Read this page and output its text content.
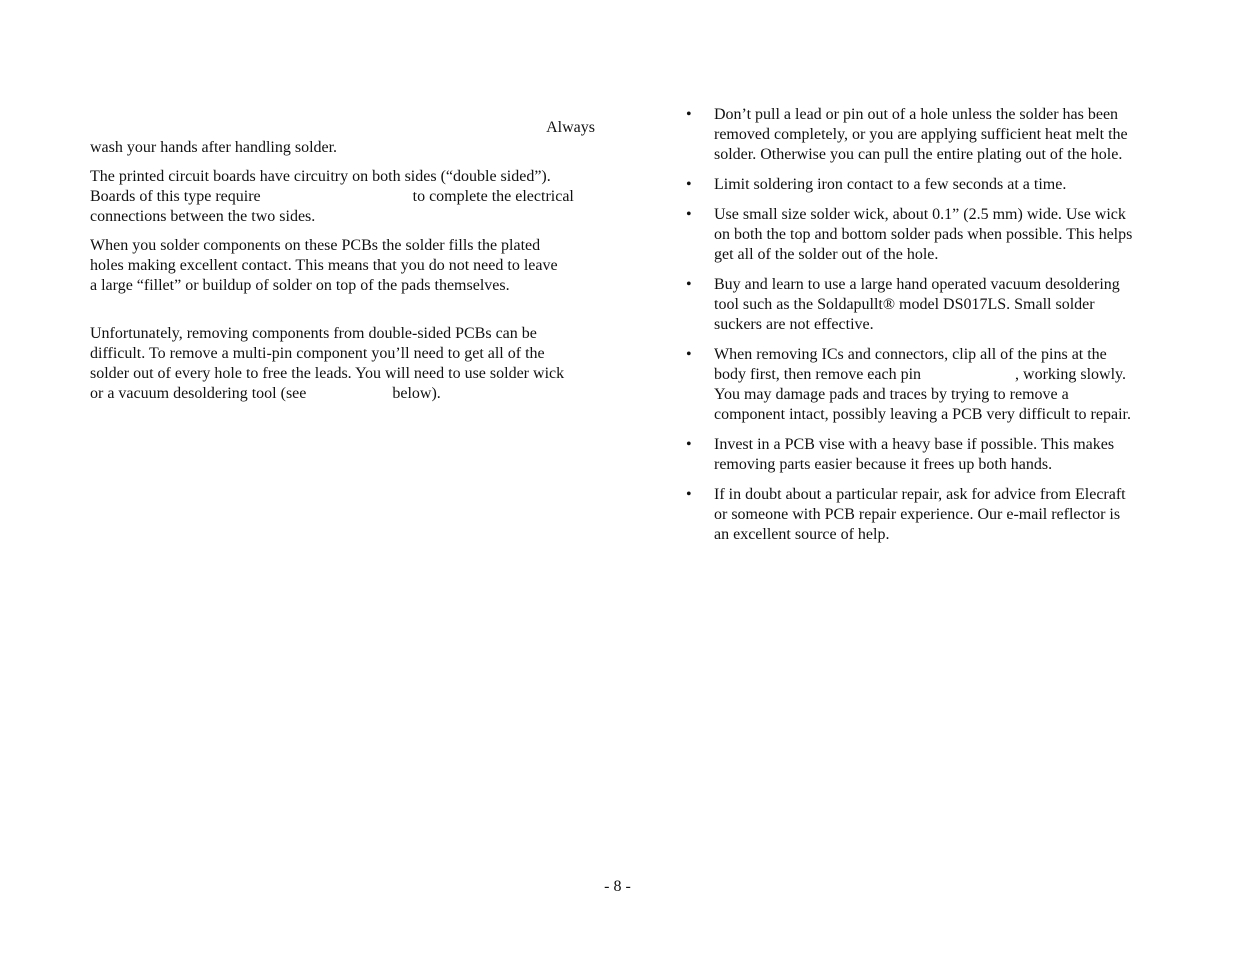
Always
wash your hands after handling solder.

The printed circuit boards have circuitry on both sides (“double sided”).
Boards of this type require	to complete the electrical
connections between the two sides.

When you solder components on these PCBs the solder fills the plated
holes making excellent contact. This means that you do not need to leave
a large “fillet” or buildup of solder on top of the pads themselves.

Unfortunately, removing components from double-sided PCBs can be
difficult. To remove a multi-pin component you’ll need to get all of the
solder out of every hole to free the leads. You will need to use solder wick
or a vacuum desoldering tool (see	below).

• Don’t pull a lead or pin out of a hole unless the solder has been
removed completely, or you are applying sufficient heat melt the
solder. Otherwise you can pull the entire plating out of the hole.
• Limit soldering iron contact to a few seconds at a time.
• Use small size solder wick, about 0.1” (2.5 mm) wide. Use wick
on both the top and bottom solder pads when possible. This helps
get all of the solder out of the hole.
• Buy and learn to use a large hand operated vacuum desoldering
tool such as the Soldapullt® model DS017LS. Small solder
suckers are not effective.
• When removing ICs and connectors, clip all of the pins at the
body first, then remove each pin	, working slowly.
You may damage pads and traces by trying to remove a
component intact, possibly leaving a PCB very difficult to repair.
• Invest in a PCB vise with a heavy base if possible. This makes
removing parts easier because it frees up both hands.
• If in doubt about a particular repair, ask for advice from Elecraft
or someone with PCB repair experience. Our e-mail reflector is
an excellent source of help.
- 8 -
